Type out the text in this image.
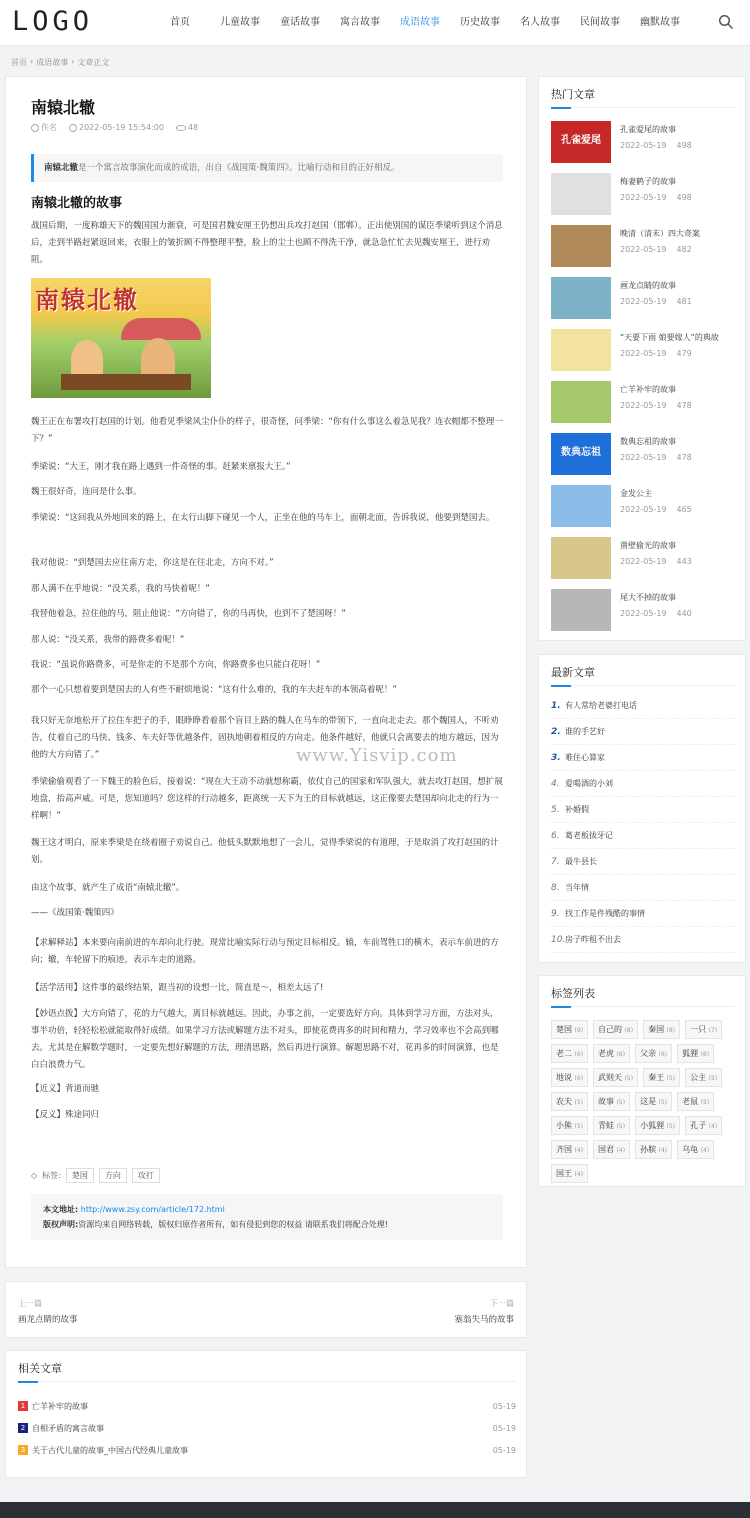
LOGO	首页	儿童故事	童话故事	寓言故事	成语故事	历史故事	名人故事	民间故事	幽默故事
首页 › 成语故事 › 文章正文
南辕北辙
佚名	2022-05-19 15:54:00	48
南辕北辙是一个寓言故事演化而成的成语，出自《战国策·魏策四》。比喻行动和目的正好相反。
南辕北辙的故事
战国后期，一度称雄天下的魏国国力渐衰，可是国君魏安厘王仍想出兵攻打赵国（邯郸）。正出使别国的谋臣季梁听到这个消息后，走到半路赶紧返回来，衣服上的皱折顾不得整理平整，脸上的尘土也顾不得洗干净，就急急忙忙去见魏安厘王，进行劝阻。
南辕北辙
魏王正在布署攻打赵国的计划。他看见季梁风尘仆仆的样子，很奇怪，问季梁：“你有什么事这么着急见我？连衣帽都不整理一下？”
季梁说：“大王，刚才我在路上遇到一件奇怪的事。赶紧来禀报大王。”
魏王很好奇，连问是什么事。
季梁说：“这回我从外地回来的路上，在太行山脚下碰见一个人，正坐在他的马车上，面朝北面，告诉我说，他要到楚国去。
我对他说：“到楚国去应往南方走，你这是在往北走，方向不对。”
那人满不在乎地说：“没关系，我的马快着呢！”
我替他着急，拉住他的马，阻止他说：“方向错了，你的马再快，也到不了楚国呀！”
那人说：“没关系，我带的路费多着呢！”
我说：“虽说你路费多，可是你走的不是那个方向，你路费多也只能白花呀！”
那个一心只想着要到楚国去的人有些不耐烦地说：“这有什么难的，我的车夫赶车的本领高着呢！”
我只好无奈地松开了拉住车把子的手，眼睁睁看着那个盲目上路的魏人在马车的带领下，一直向北走去。那个魏国人，不听劝告，仗着自己的马快、钱多、车夫好等优越条件，固执地朝着相反的方向走。他条件越好，他就只会离要去的地方越远，因为他的大方向错了。”
季梁偷偷观看了一下魏王的脸色后，接着说：“现在大王动不动就想称霸，依仗自己的国家和军队强大，就去攻打赵国，想扩展地盘，抬高声威。可是，您知道吗？您这样的行动越多，距离统一天下为王的目标就越远，这正像要去楚国却向北走的行为一样啊！”
魏王这才明白，原来季梁是在绕着圈子劝说自己。他低头默默地想了一会儿，觉得季梁说的有道理，于是取消了攻打赵国的计划。
由这个故事，就产生了成语“南辕北辙”。
——《战国策·魏策四》
【求解释站】本来要向南前进的车却向北行驶。现常比喻实际行动与预定目标相反。辕，车前驾牲口的横木，表示车前进的方向；辙，车轮留下的痕迹，表示车走的道路。
【活学活用】这件事的最终结果，跟当初的设想一比，简直是～，相差太远了!
【妙语点拨】大方向错了，花的力气越大，离目标就越远。因此，办事之前，一定要选好方向。具体到学习方面，方法对头，事半功倍，轻轻松松就能取得好成绩。如果学习方法或解题方法不对头，即使花费再多的时间和精力，学习效率也不会高到哪去。尤其是在解数学题时，一定要先想好解题的方法，理清思路，然后再进行演算。解题思路不对，花再多的时间演算，也是白白浪费力气。
【近义】背道而驰
【反义】殊途同归
www.Yisvip.com
◇ 标签:	楚国	方向	攻打
本文地址: http://www.zsy.com/article/172.html
版权声明:资源均来自网络转载，版权归原作者所有，如有侵犯到您的权益 请联系我们将配合处理!
上一篇
画龙点睛的故事
下一篇
塞翁失马的故事
相关文章
1 亡羊补牢的故事	05-19
2 自相矛盾的寓言故事	05-19
3 关于古代儿童的故事_中国古代经典儿童故事	05-19
热门文章
孔雀爱尾
孔雀爱尾的故事
2022-05-19 498
梅妻鹤子的故事
2022-05-19 498
晚清（清末）四大奇案
2022-05-19 482
画龙点睛的故事
2022-05-19 481
“天要下雨 娘要嫁人”的典故
2022-05-19 479
亡羊补牢的故事
2022-05-19 478
数典忘祖
数典忘祖的故事
2022-05-19 478
金发公主
2022-05-19 465
凿壁偷光的故事
2022-05-19 443
尾大不掉的故事
2022-05-19 440
最新文章
1. 有人常给老婆打电话
2. 谁的手艺好
3. 难住心算家
4. 爱喝酒的小刘
5. 补婚假
6. 葛老板拔牙记
7. 最牛县长
8. 当年情
9. 找工作是件残酷的事情
10. 房子昨租不出去
标签列表
楚国 (9)	自己的 (8)	秦国 (8)	一只 (7)
老二 (6)	老虎 (6)	父亲 (6)	狐狸 (6)
地说 (6)	武则天 (5)	秦王 (5)	公主 (5)
农夫 (5)	故事 (5)	这是 (5)	老鼠 (5)
小熊 (5)	青蛙 (5)	小狐狸 (5)	孔子 (4)
齐国 (4)	国君 (4)	孙膑 (4)	乌龟 (4)
国王 (4)
